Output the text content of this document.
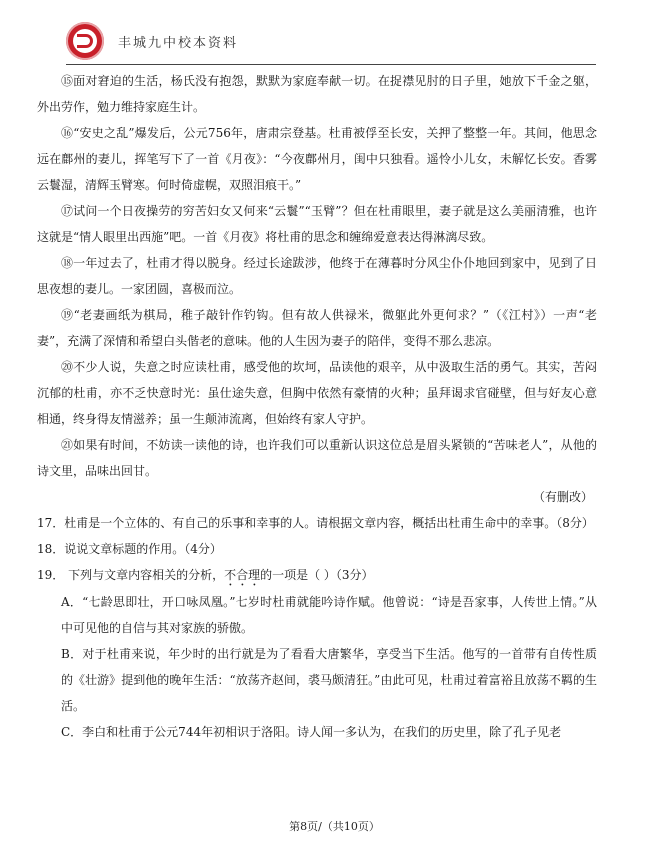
丰城九中校本资料

⑮面对窘迫的生活，杨氏没有抱怨，默默为家庭奉献一切。在捉襟见肘的日子里，她放下千金之躯，外出劳作，勉力维持家庭生计。

⑯“安史之乱”爆发后，公元756年，唐肃宗登基。杜甫被俘至长安，关押了整整一年。其间，他思念远在鄜州的妻儿，挥笔写下了一首《月夜》：“今夜鄜州月，闺中只独看。遥怜小儿女，未解忆长安。香雾云鬟湿，清辉玉臂寒。何时倚虚幌，双照泪痕干。”

⑰试问一个日夜操劳的穷苦妇女又何来“云鬟”“玉臂”？但在杜甫眼里，妻子就是这么美丽清雅，也许这就是“情人眼里出西施”吧。一首《月夜》将杜甫的思念和缠绵爱意表达得淋漓尽致。

⑱一年过去了，杜甫才得以脱身。经过长途跋涉，他终于在薄暮时分风尘仆仆地回到家中，见到了日思夜想的妻儿。一家团圆，喜极而泣。

⑲“老妻画纸为棋局，稚子敲针作钓钩。但有故人供禄米，微躯此外更何求？”（《江村》）一声“老妻”，充满了深情和希望白头偕老的意味。他的人生因为妻子的陪伴，变得不那么悲凉。

⑳不少人说，失意之时应读杜甫，感受他的坎坷，品读他的艰辛，从中汲取生活的勇气。其实，苦闷沉郁的杜甫，亦不乏快意时光：虽仕途失意，但胸中依然有豪情的火种；虽拜谒求官碰壁，但与好友心意相通，终身得友情滋养；虽一生颠沛流离，但始终有家人守护。

㉑如果有时间，不妨读一读他的诗，也许我们可以重新认识这位总是眉头紧锁的“苦味老人”，从他的诗文里，品味出回甘。

（有删改）

17．杜甫是一个立体的、有自己的乐事和幸事的人。请根据文章内容，概括出杜甫生命中的幸事。（8分）

18．说说文章标题的作用。（4分）

19． 下列与文章内容相关的分析，不合理的一项是（ ）（3分）

A．“七龄思即壮，开口咏凤凰。”七岁时杜甫就能吟诗作赋。他曾说：“诗是吾家事，人传世上情。”从中可见他的自信与其对家族的骄傲。

B．对于杜甫来说，年少时的出行就是为了看看大唐繁华，享受当下生活。他写的一首带有自传性质的《壮游》提到他的晚年生活：“放荡齐赵间，裘马颇清狂。”由此可见，杜甫过着富裕且放荡不羁的生活。

C．李白和杜甫于公元744年初相识于洛阳。诗人闻一多认为，在我们的历史里，除了孔子见老

第8页/（共10页）
